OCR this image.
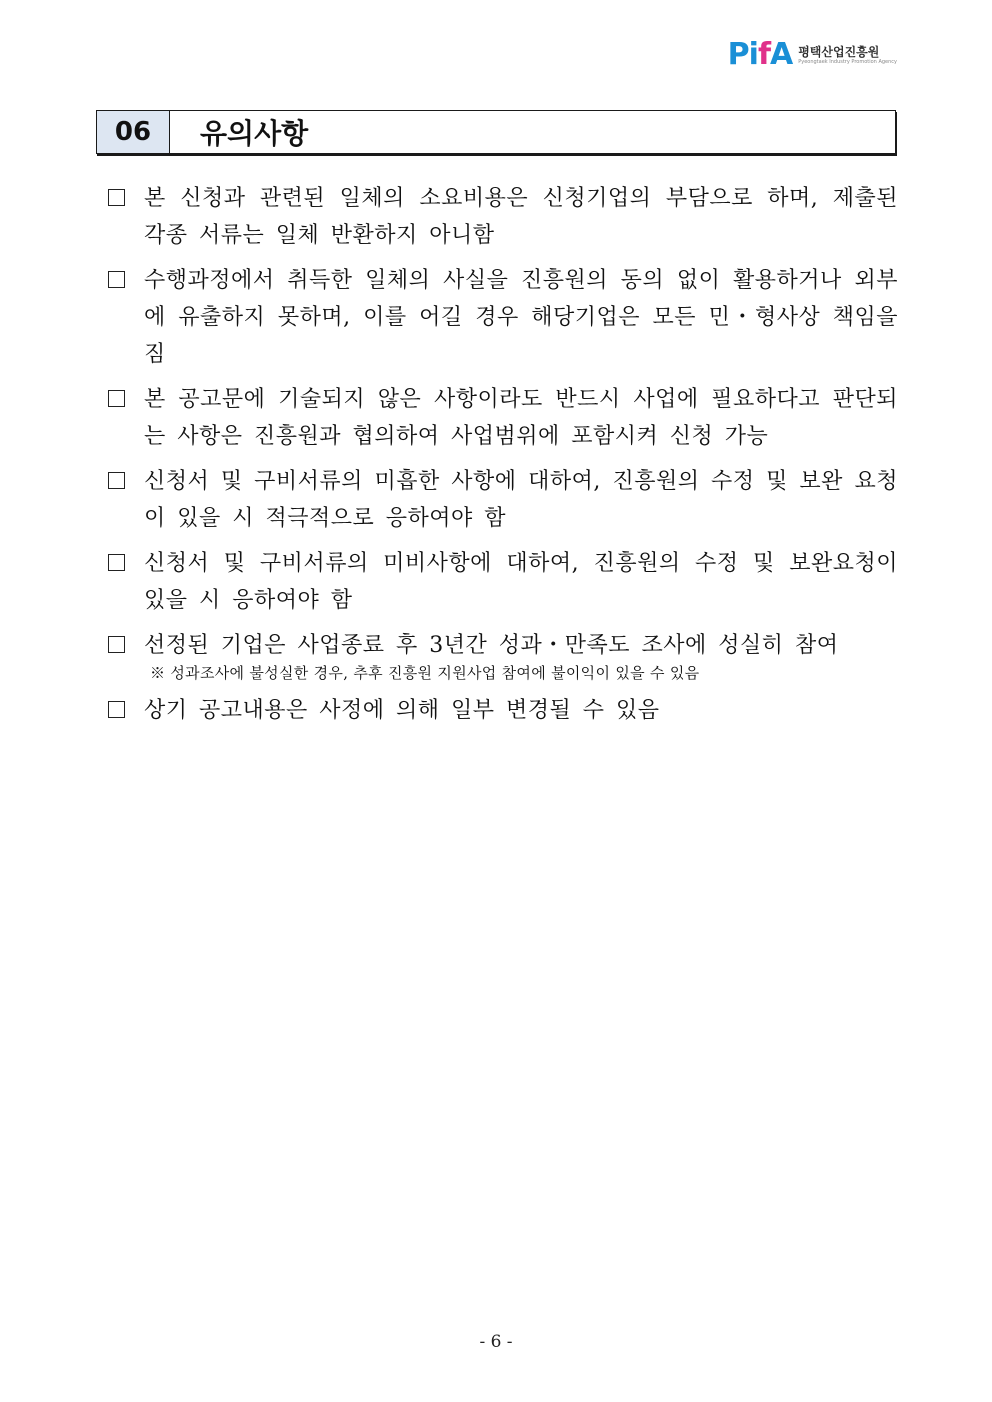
PifA 평택산업진흥원
Pyeongtaek Industry Promotion Agency
06	유의사항
본 신청과 관련된 일체의 소요비용은 신청기업의 부담으로 하며, 제출된 각종 서류는 일체 반환하지 아니함
수행과정에서 취득한 일체의 사실을 진흥원의 동의 없이 활용하거나 외부에 유출하지 못하며, 이를 어길 경우 해당기업은 모든 민・형사상 책임을 짐
본 공고문에 기술되지 않은 사항이라도 반드시 사업에 필요하다고 판단되는 사항은 진흥원과 협의하여 사업범위에 포함시켜 신청 가능
신청서 및 구비서류의 미흡한 사항에 대하여, 진흥원의 수정 및 보완 요청이 있을 시 적극적으로 응하여야 함
신청서 및 구비서류의 미비사항에 대하여, 진흥원의 수정 및 보완요청이 있을 시 응하여야 함
선정된 기업은 사업종료 후 3년간 성과・만족도 조사에 성실히 참여
※ 성과조사에 불성실한 경우, 추후 진흥원 지원사업 참여에 불이익이 있을 수 있음
상기 공고내용은 사정에 의해 일부 변경될 수 있음
- 6 -
